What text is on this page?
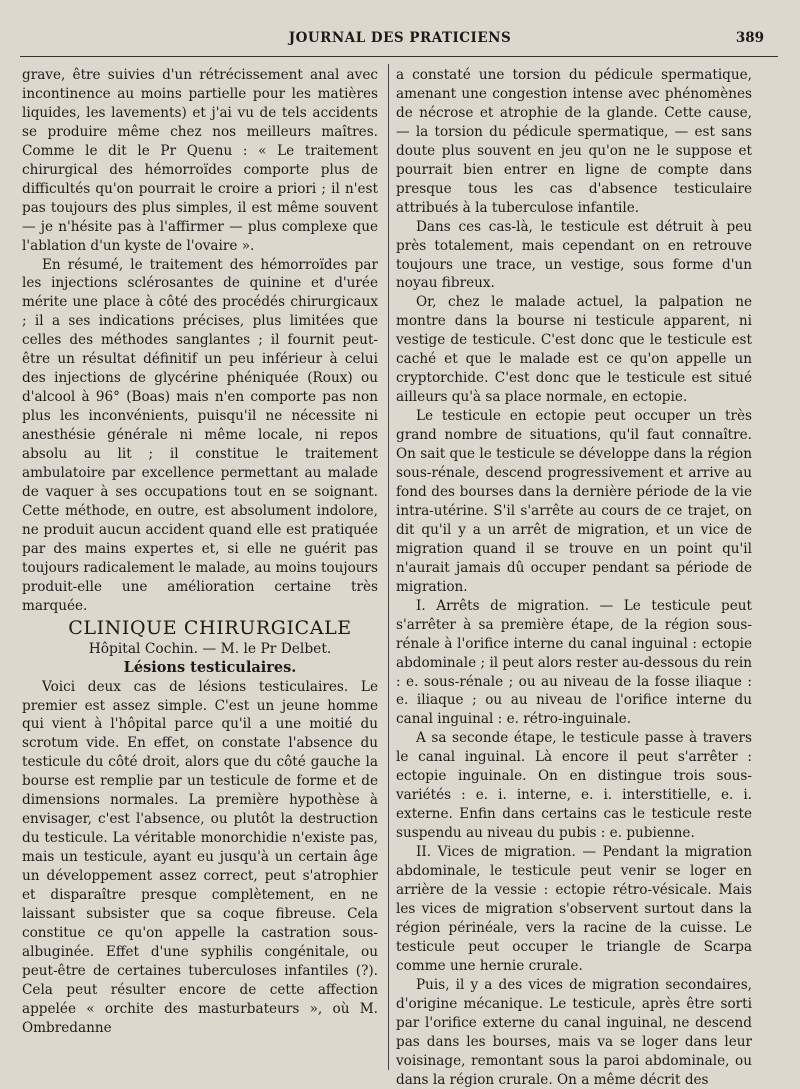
JOURNAL DES PRATICIENS	389

grave, être suivies d'un rétrécissement anal avec incontinence au moins partielle pour les matières liquides, les lavements) et j'ai vu de tels accidents se produire même chez nos meilleurs maîtres. Comme le dit le Pr Quenu : « Le traitement chirurgical des hémorroïdes comporte plus de difficultés qu'on pourrait le croire a priori ; il n'est pas toujours des plus simples, il est même souvent — je n'hésite pas à l'affirmer — plus complexe que l'ablation d'un kyste de l'ovaire ».

En résumé, le traitement des hémorroïdes par les injections sclérosantes de quinine et d'urée mérite une place à côté des procédés chirurgicaux ; il a ses indications précises, plus limitées que celles des méthodes sanglantes ; il fournit peut-être un résultat définitif un peu inférieur à celui des injections de glycérine phéniquée (Roux) ou d'alcool à 96° (Boas) mais n'en comporte pas non plus les inconvénients, puisqu'il ne nécessite ni anesthésie générale ni même locale, ni repos absolu au lit ; il constitue le traitement ambulatoire par excellence permettant au malade de vaquer à ses occupations tout en se soignant. Cette méthode, en outre, est absolument indolore, ne produit aucun accident quand elle est pratiquée par des mains expertes et, si elle ne guérit pas toujours radicalement le malade, au moins toujours produit-elle une amélioration certaine très marquée.

CLINIQUE CHIRURGICALE

Hôpital Cochin. — M. le Pr Delbet.

Lésions testiculaires.

Voici deux cas de lésions testiculaires. Le premier est assez simple. C'est un jeune homme qui vient à l'hôpital parce qu'il a une moitié du scrotum vide. En effet, on constate l'absence du testicule du côté droit, alors que du côté gauche la bourse est remplie par un testicule de forme et de dimensions normales. La première hypothèse à envisager, c'est l'absence, ou plutôt la destruction du testicule. La véritable monorchidie n'existe pas, mais un testicule, ayant eu jusqu'à un certain âge un développement assez correct, peut s'atrophier et disparaître presque complètement, en ne laissant subsister que sa coque fibreuse. Cela constitue ce qu'on appelle la castration sous-albuginée. Effet d'une syphilis congénitale, ou peut-être de certaines tuberculoses infantiles (?). Cela peut résulter encore de cette affection appelée « orchite des masturbateurs », où M. Ombredanne

a constaté une torsion du pédicule spermatique, amenant une congestion intense avec phénomènes de nécrose et atrophie de la glande. Cette cause, — la torsion du pédicule spermatique, — est sans doute plus souvent en jeu qu'on ne le suppose et pourrait bien entrer en ligne de compte dans presque tous les cas d'absence testiculaire attribués à la tuberculose infantile.

Dans ces cas-là, le testicule est détruit à peu près totalement, mais cependant on en retrouve toujours une trace, un vestige, sous forme d'un noyau fibreux.

Or, chez le malade actuel, la palpation ne montre dans la bourse ni testicule apparent, ni vestige de testicule. C'est donc que le testicule est caché et que le malade est ce qu'on appelle un cryptorchide. C'est donc que le testicule est situé ailleurs qu'à sa place normale, en ectopie.

Le testicule en ectopie peut occuper un très grand nombre de situations, qu'il faut connaître. On sait que le testicule se développe dans la région sous-rénale, descend progressivement et arrive au fond des bourses dans la dernière période de la vie intra-utérine. S'il s'arrête au cours de ce trajet, on dit qu'il y a un arrêt de migration, et un vice de migration quand il se trouve en un point qu'il n'aurait jamais dû occuper pendant sa période de migration.

I. Arrêts de migration. — Le testicule peut s'arrêter à sa première étape, de la région sous-rénale à l'orifice interne du canal inguinal : ectopie abdominale ; il peut alors rester au-dessous du rein : e. sous-rénale ; ou au niveau de la fosse iliaque : e. iliaque ; ou au niveau de l'orifice interne du canal inguinal : e. rétro-inguinale.

A sa seconde étape, le testicule passe à travers le canal inguinal. Là encore il peut s'arrêter : ectopie inguinale. On en distingue trois sous-variétés : e. i. interne, e. i. interstitielle, e. i. externe. Enfin dans certains cas le testicule reste suspendu au niveau du pubis : e. pubienne.

II. Vices de migration. — Pendant la migration abdominale, le testicule peut venir se loger en arrière de la vessie : ectopie rétro-vésicale. Mais les vices de migration s'observent surtout dans la région périnéale, vers la racine de la cuisse. Le testicule peut occuper le triangle de Scarpa comme une hernie crurale.

Puis, il y a des vices de migration secondaires, d'origine mécanique. Le testicule, après être sorti par l'orifice externe du canal inguinal, ne descend pas dans les bourses, mais va se loger dans leur voisinage, remontant sous la paroi abdominale, ou dans la région crurale. On a même décrit des
